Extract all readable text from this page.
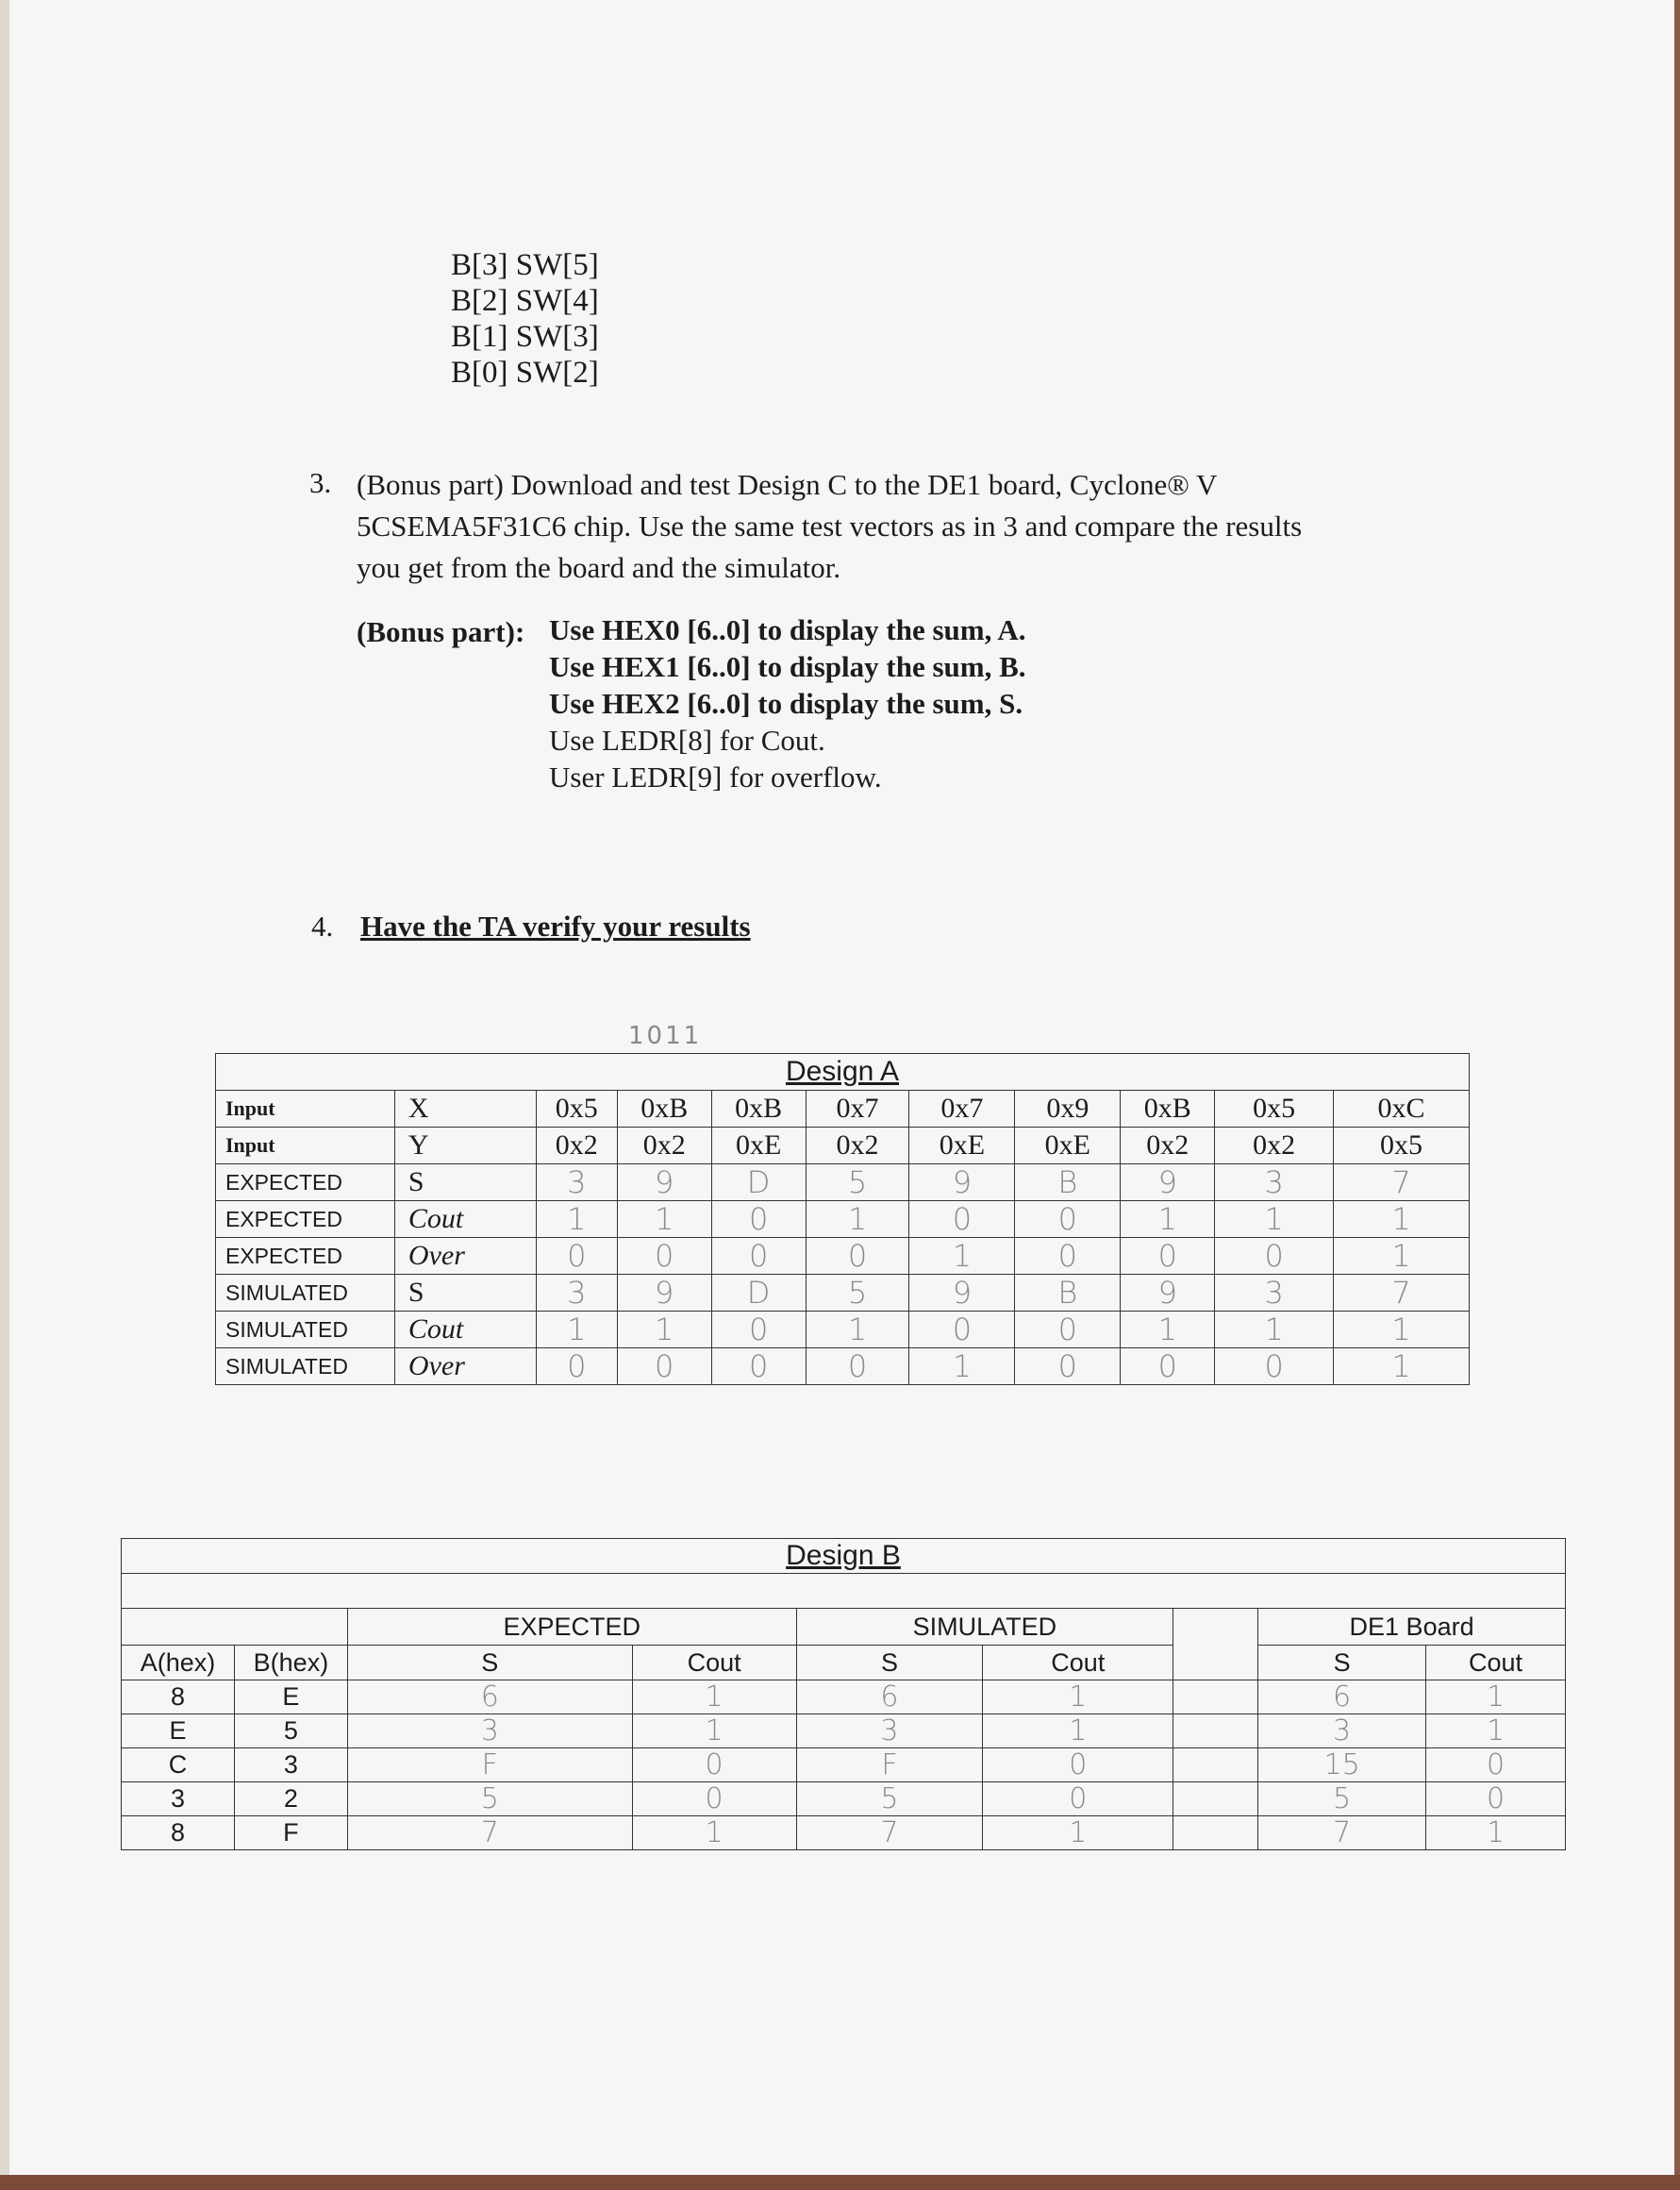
B[3] SW[5]
B[2] SW[4]
B[1] SW[3]
B[0] SW[2]
3. (Bonus part) Download and test Design C to the DE1 board, Cyclone® V
5CSEMA5F31C6 chip. Use the same test vectors as in 3 and compare the results
you get from the board and the simulator.
(Bonus part): Use HEX0 [6..0] to display the sum, A.
Use HEX1 [6..0] to display the sum, B.
Use HEX2 [6..0] to display the sum, S.
Use LEDR[8] for Cout.
User LEDR[9] for overflow.
4. Have the TA verify your results
1011
Design A										
Input	X	0x5	0xB	0xB	0x7	0x7	0x9	0xB	0x5	0xC
Input	Y	0x2	0x2	0xE	0x2	0xE	0xE	0x2	0x2	0x5
EXPECTED	S	3	9	D	5	9	B	9	3	7
EXPECTED	Cout	1	1	0	1	0	0	1	1	1
EXPECTED	Over	0	0	0	0	1	0	0	0	1
SIMULATED	S	3	9	D	5	9	B	9	3	7
SIMULATED	Cout	1	1	0	1	0	0	1	1	1
SIMULATED	Over	0	0	0	0	1	0	0	0	1
Design B								

		EXPECTED		SIMULATED			DE1 Board	
A(hex)	B(hex)	S	Cout	S	Cout		S	Cout
8	E	6	1	6	1		6	1
E	5	3	1	3	1		3	1
C	3	F	0	F	0		15	0
3	2	5	0	5	0		5	0
8	F	7	1	7	1		7	1
